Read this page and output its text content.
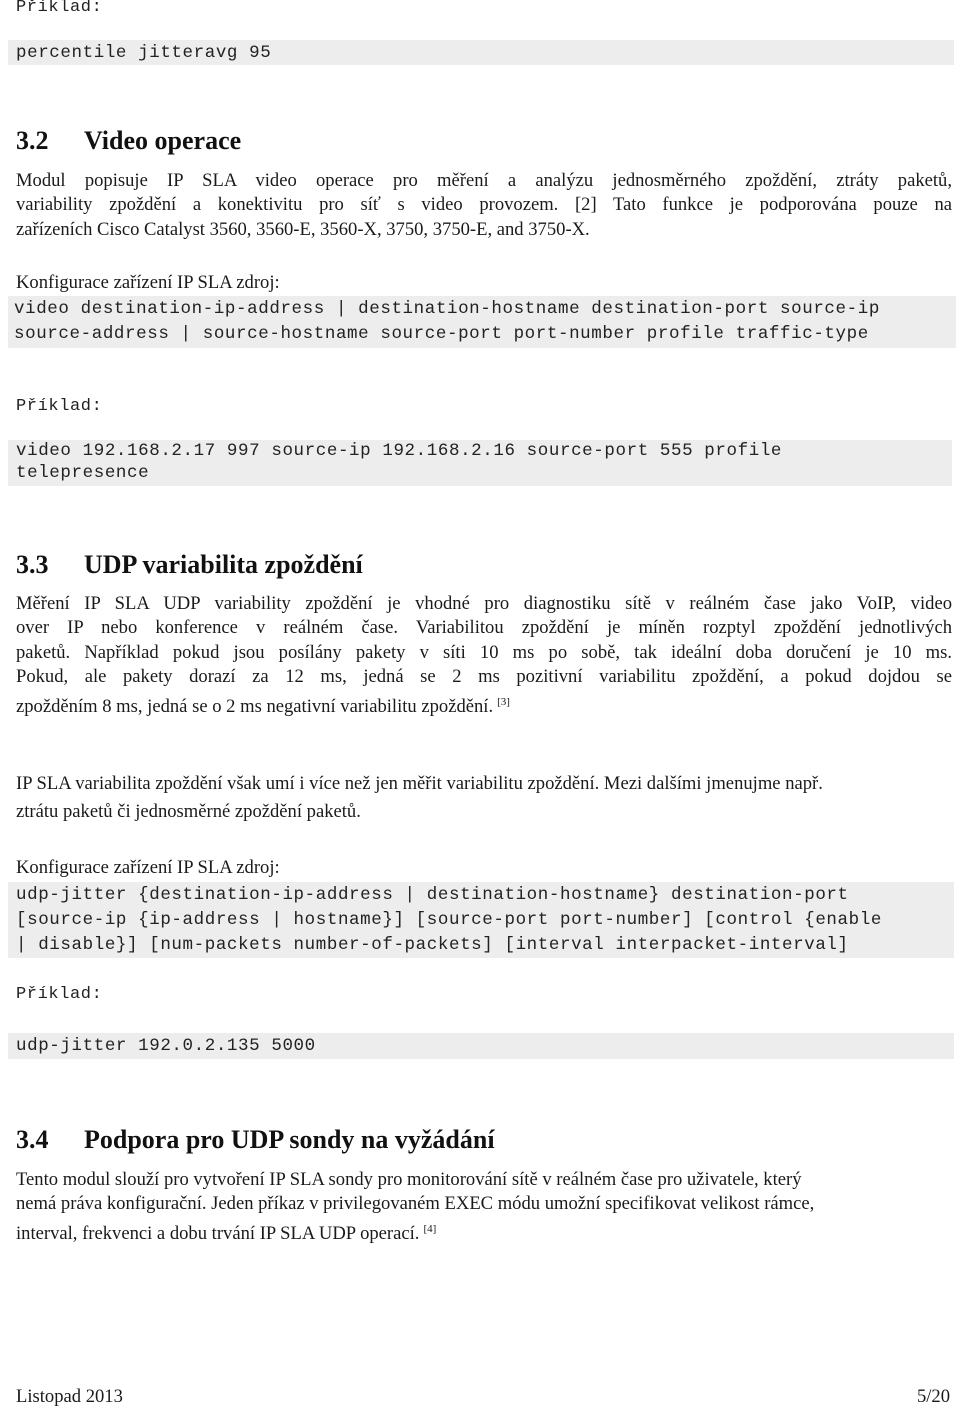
Příklad:
percentile jitteravg 95
3.2 Video operace
Modul popisuje IP SLA video operace pro měření a analýzu jednosměrného zpoždění, ztráty paketů,
variability zpoždění a konektivitu pro síť s video provozem. [2] Tato funkce je podporována pouze na
zařízeních Cisco Catalyst 3560, 3560-E, 3560-X, 3750, 3750-E, and 3750-X.
Konfigurace zařízení IP SLA zdroj:
video destination-ip-address | destination-hostname destination-port source-ip
source-address | source-hostname source-port port-number profile traffic-type
Příklad:
video 192.168.2.17 997 source-ip 192.168.2.16 source-port 555 profile
telepresence
3.3 UDP variabilita zpoždění
Měření IP SLA UDP variability zpoždění je vhodné pro diagnostiku sítě v reálném čase jako VoIP, video
over IP nebo konference v reálném čase. Variabilitou zpoždění je míněn rozptyl zpoždění jednotlivých
paketů. Například pokud jsou posílány pakety v síti 10 ms po sobě, tak ideální doba doručení je 10 ms.
Pokud, ale pakety dorazí za 12 ms, jedná se 2 ms pozitivní variabilitu zpoždění, a pokud dojdou se
zpožděním 8 ms, jedná se o 2 ms negativní variabilitu zpoždění. [3]
IP SLA variabilita zpoždění však umí i více než jen měřit variabilitu zpoždění. Mezi dalšími jmenujme např.
ztrátu paketů či jednosměrné zpoždění paketů.
Konfigurace zařízení IP SLA zdroj:
udp-jitter {destination-ip-address | destination-hostname} destination-port
[source-ip {ip-address | hostname}] [source-port port-number] [control {enable
| disable}] [num-packets number-of-packets] [interval interpacket-interval]
Příklad:
udp-jitter 192.0.2.135 5000
3.4 Podpora pro UDP sondy na vyžádání
Tento modul slouží pro vytvoření IP SLA sondy pro monitorování sítě v reálném čase pro uživatele, který
nemá práva konfigurační. Jeden příkaz v privilegovaném EXEC módu umožní specifikovat velikost rámce,
interval, frekvenci a dobu trvání IP SLA UDP operací. [4]
Listopad 2013	5/20
